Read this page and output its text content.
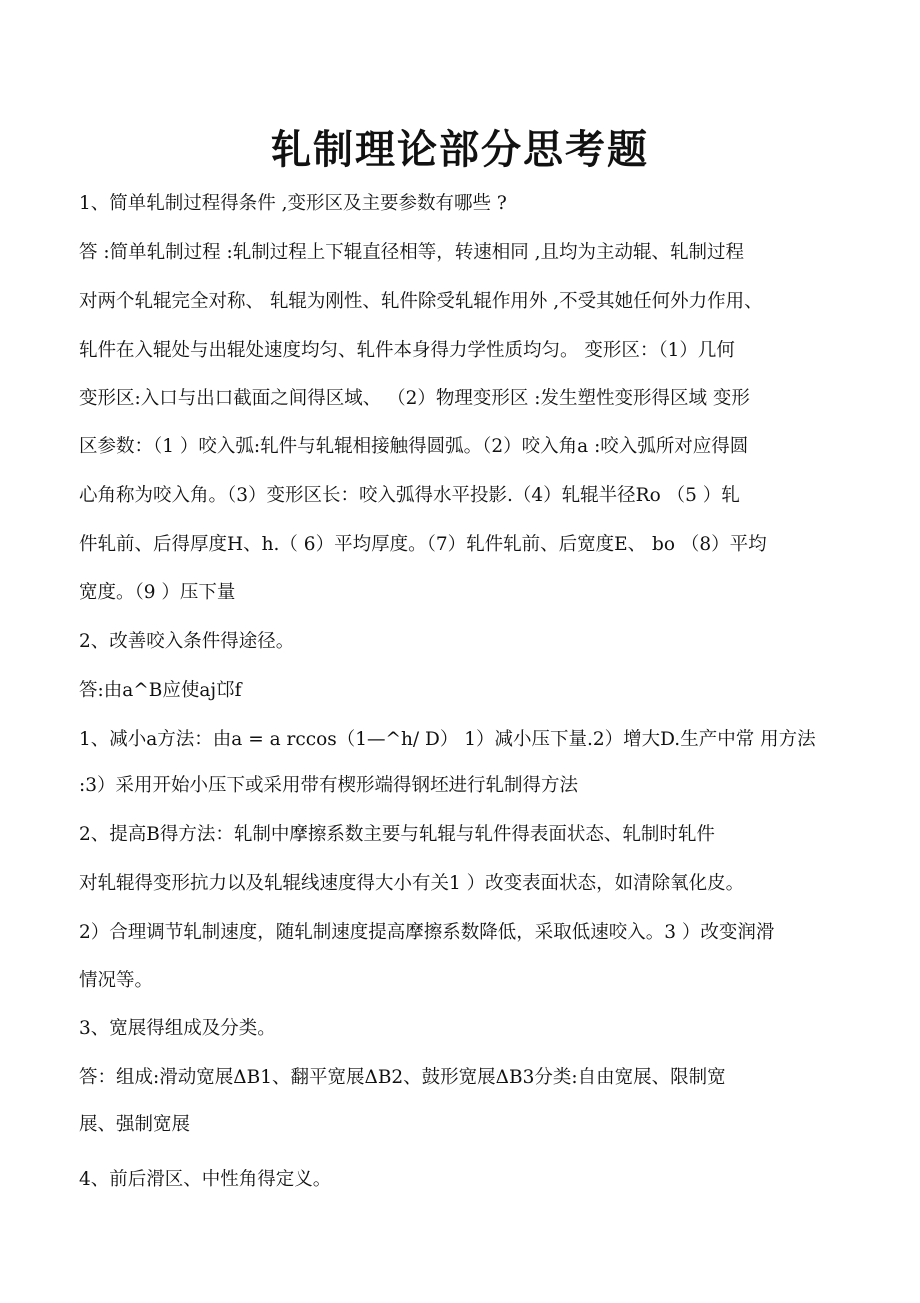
轧制理论部分思考题
1、简单轧制过程得条件 ,变形区及主要参数有哪些 ?
答 :简单轧制过程 :轧制过程上下辊直径相等，转速相同 ,且均为主动辊、轧制过程
对两个轧辊完全对称、 轧辊为刚性、轧件除受轧辊作用外 ,不受其她任何外力作用、
轧件在入辊处与出辊处速度均匀、轧件本身得力学性质均匀。 变形区：（1）几何
变形区:入口与出口截面之间得区域、 （2）物理变形区 :发生塑性变形得区域 变形
区参数：（1 ）咬入弧:轧件与轧辊相接触得圆弧。（2）咬入角a :咬入弧所对应得圆
心角称为咬入角。（3）变形区长：咬入弧得水平投影.（4）轧辊半径Ro （5 ）轧
件轧前、后得厚度H、h.（ 6）平均厚度。（7）轧件轧前、后宽度E、 bo （8）平均
宽度。（9 ）压下量
2、改善咬入条件得途径。
答:由a^B应使aj邙f
1、减小a方法：由a = a rccos（1—^h/ D） 1）减小压下量.2）增大D.生产中常 用方法
:3）采用开始小压下或采用带有楔形端得钢坯进行轧制得方法
2、提高B得方法：轧制中摩擦系数主要与轧辊与轧件得表面状态、轧制时轧件
对轧辊得变形抗力以及轧辊线速度得大小有关1 ）改变表面状态，如清除氧化皮。
2）合理调节轧制速度，随轧制速度提高摩擦系数降低，采取低速咬入。3 ）改变润滑
情况等。
3、宽展得组成及分类。
答：组成:滑动宽展ΔB1、翻平宽展ΔB2、鼓形宽展ΔB3分类:自由宽展、限制宽
展、强制宽展
4、前后滑区、中性角得定义。
